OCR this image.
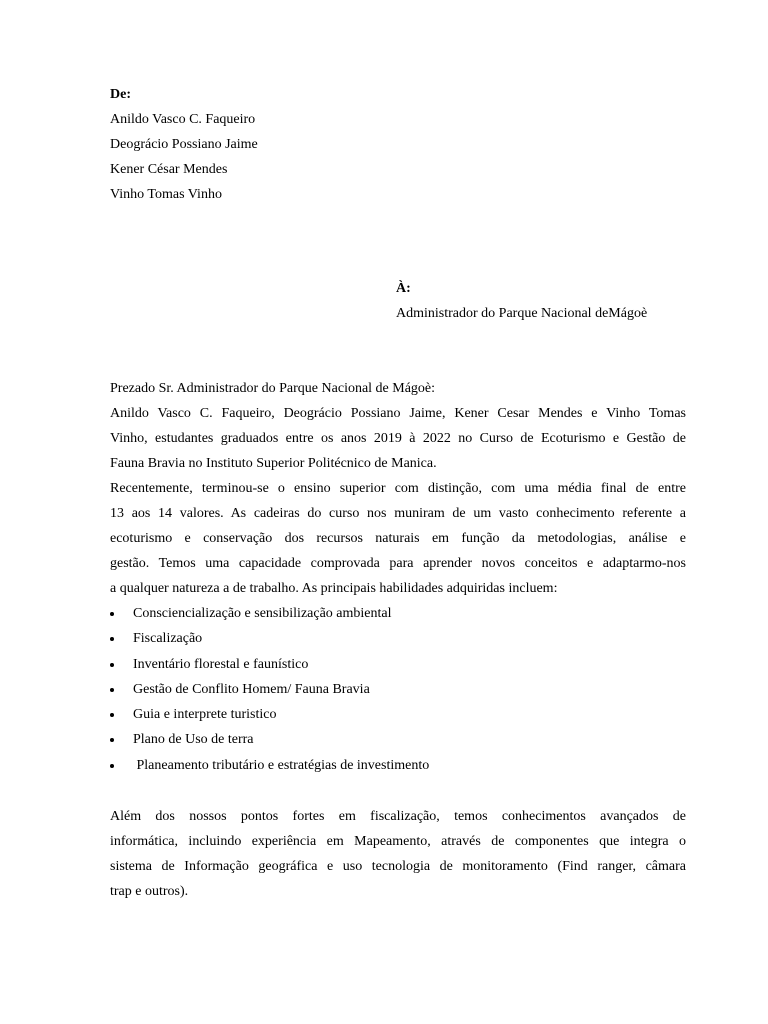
De:
Anildo Vasco C. Faqueiro
Deográcio Possiano Jaime
Kener César Mendes
Vinho Tomas Vinho
À:
Administrador do Parque Nacional deMágoè
Prezado Sr. Administrador do Parque Nacional de Mágoè:
Anildo Vasco C. Faqueiro, Deográcio Possiano Jaime, Kener Cesar Mendes e Vinho Tomas
Vinho, estudantes graduados entre os anos 2019 à 2022 no Curso de Ecoturismo e Gestão de
Fauna Bravia no Instituto Superior Politécnico de Manica.
Recentemente, terminou-se o ensino superior com distinção, com uma média final de entre
13 aos 14 valores. As cadeiras do curso nos muniram de um vasto conhecimento referente a
ecoturismo e conservação dos recursos naturais em função da metodologias, análise e
gestão. Temos uma capacidade comprovada para aprender novos conceitos e adaptarmo-nos
a qualquer natureza a de trabalho. As principais habilidades adquiridas incluem:
Consciencialização e sensibilização ambiental
Fiscalização
Inventário florestal e faunístico
Gestão de Conflito Homem/ Fauna Bravia
Guia e interprete turistico
Plano de Uso de terra
Planeamento tributário e estratégias de investimento
Além dos nossos pontos fortes em fiscalização, temos conhecimentos avançados de
informática, incluindo experiência em Mapeamento, através de componentes que integra o
sistema de Informação geográfica e uso tecnologia de monitoramento (Find ranger, câmara
trap e outros).
